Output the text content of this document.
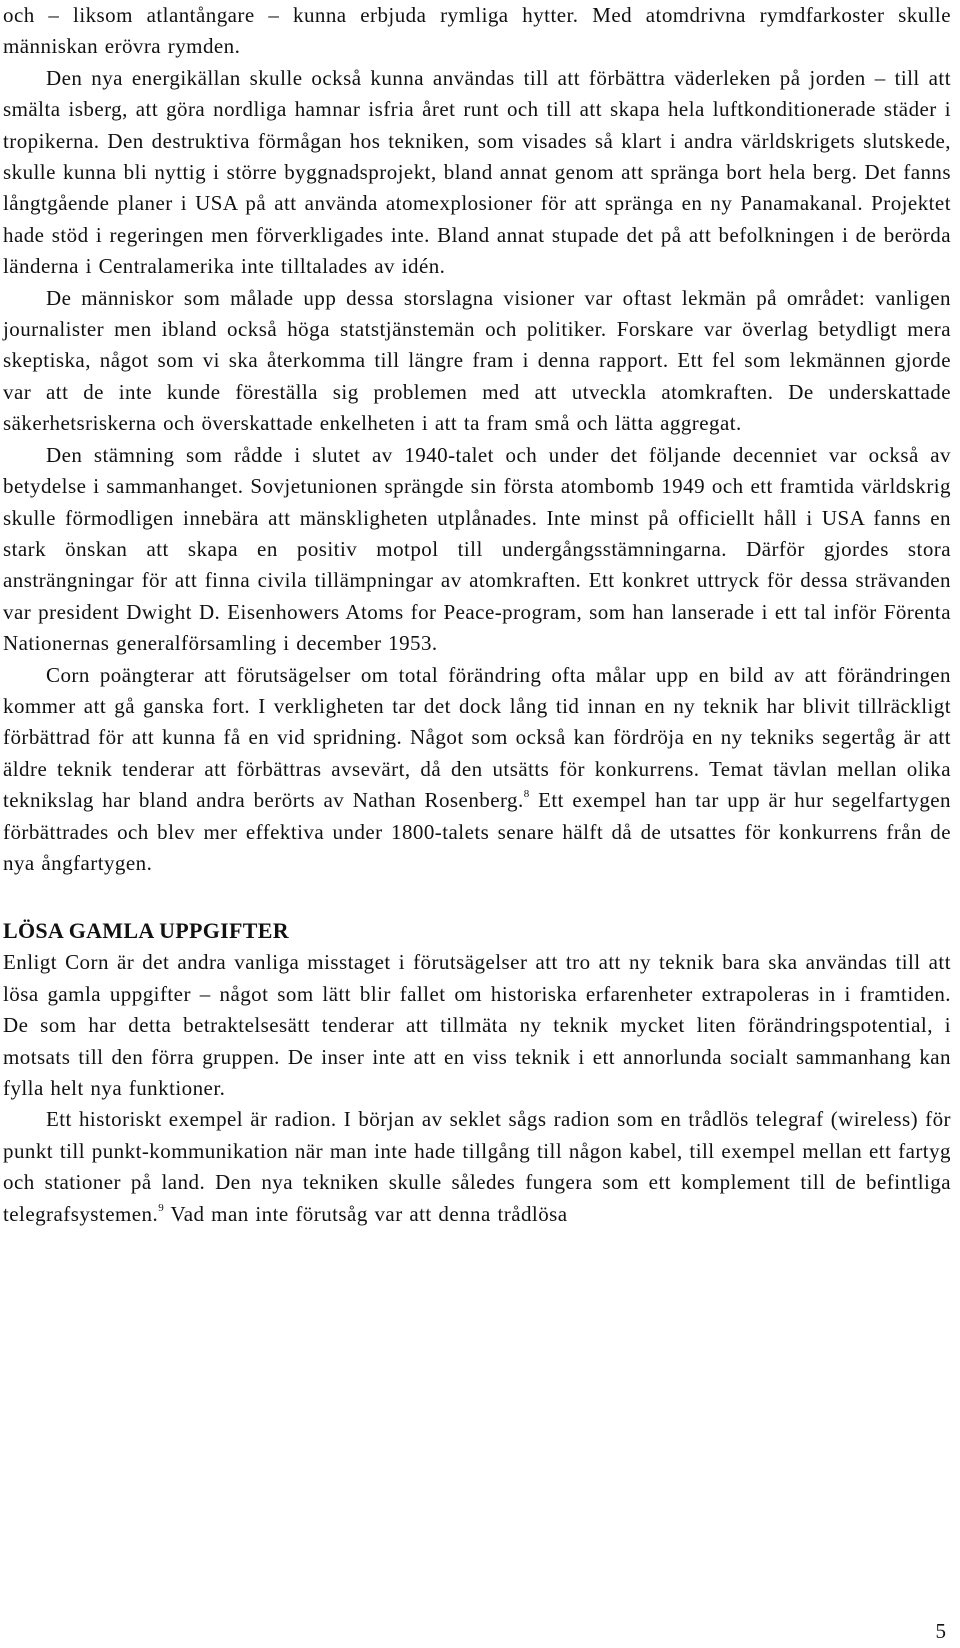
och – liksom atlantångare – kunna erbjuda rymliga hytter. Med atomdrivna rymdfarkoster skulle människan erövra rymden.

Den nya energikällan skulle också kunna användas till att förbättra väderleken på jorden – till att smälta isberg, att göra nordliga hamnar isfria året runt och till att skapa hela luftkonditionerade städer i tropikerna. Den destruktiva förmågan hos tekniken, som visades så klart i andra världskrigets slutskede, skulle kunna bli nyttig i större byggnadsprojekt, bland annat genom att spränga bort hela berg. Det fanns långtgående planer i USA på att använda atomexplosioner för att spränga en ny Panamakanal. Projektet hade stöd i regeringen men förverkligades inte. Bland annat stupade det på att befolkningen i de berörda länderna i Centralamerika inte tilltalades av idén.

De människor som målade upp dessa storslagna visioner var oftast lekmän på området: vanligen journalister men ibland också höga statstjänstemän och politiker. Forskare var överlag betydligt mera skeptiska, något som vi ska återkomma till längre fram i denna rapport. Ett fel som lekmännen gjorde var att de inte kunde föreställa sig problemen med att utveckla atomkraften. De underskattade säkerhetsriskerna och överskattade enkelheten i att ta fram små och lätta aggregat.

Den stämning som rådde i slutet av 1940-talet och under det följande decenniet var också av betydelse i sammanhanget. Sovjetunionen sprängde sin första atombomb 1949 och ett framtida världskrig skulle förmodligen innebära att mänskligheten utplånades. Inte minst på officiellt håll i USA fanns en stark önskan att skapa en positiv motpol till undergångsstämningarna. Därför gjordes stora ansträngningar för att finna civila tillämpningar av atomkraften. Ett konkret uttryck för dessa strävanden var president Dwight D. Eisenhowers Atoms for Peace-program, som han lanserade i ett tal inför Förenta Nationernas generalförsamling i december 1953.

Corn poängterar att förutsägelser om total förändring ofta målar upp en bild av att förändringen kommer att gå ganska fort. I verkligheten tar det dock lång tid innan en ny teknik har blivit tillräckligt förbättrad för att kunna få en vid spridning. Något som också kan fördröja en ny tekniks segertåg är att äldre teknik tenderar att förbättras avsevärt, då den utsätts för konkurrens. Temat tävlan mellan olika teknikslag har bland andra berörts av Nathan Rosenberg.$^8$ Ett exempel han tar upp är hur segelfartygen förbättrades och blev mer effektiva under 1800-talets senare hälft då de utsattes för konkurrens från de nya ångfartygen.

LÖSA GAMLA UPPGIFTER

Enligt Corn är det andra vanliga misstaget i förutsägelser att tro att ny teknik bara ska användas till att lösa gamla uppgifter – något som lätt blir fallet om historiska erfarenheter extrapoleras in i framtiden. De som har detta betraktelsesätt tenderar att tillmäta ny teknik mycket liten förändringspotential, i motsats till den förra gruppen. De inser inte att en viss teknik i ett annorlunda socialt sammanhang kan fylla helt nya funktioner.

Ett historiskt exempel är radion. I början av seklet sågs radion som en trådlös telegraf (wireless) för punkt till punkt-kommunikation när man inte hade tillgång till någon kabel, till exempel mellan ett fartyg och stationer på land. Den nya tekniken skulle således fungera som ett komplement till de befintliga telegrafsystemen.$^9$ Vad man inte förutsåg var att denna trådlösa

5
